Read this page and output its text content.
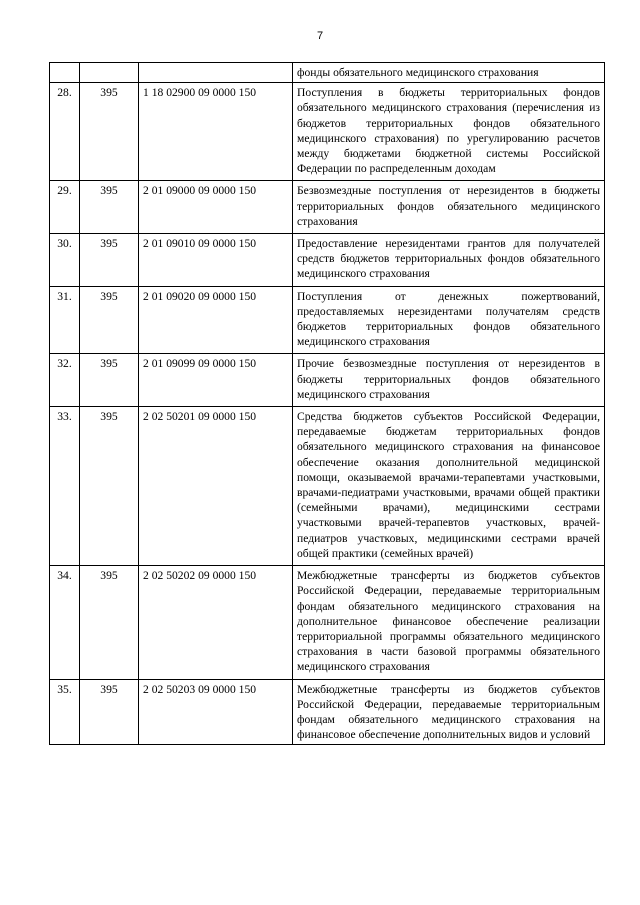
7
			фонды обязательного медицинского страхования
28.	395	1 18 02900 09 0000 150	Поступления в бюджеты территориальных фондов обязательного медицинского страхования (перечисления из бюджетов территориальных фондов обязательного медицинского страхования) по урегулированию расчетов между бюджетами бюджетной системы Российской Федерации по распределенным доходам
29.	395	2 01 09000 09 0000 150	Безвозмездные поступления от нерезидентов в бюджеты территориальных фондов обязательного медицинского страхования
30.	395	2 01 09010 09 0000 150	Предоставление нерезидентами грантов для получателей средств бюджетов территориальных фондов обязательного медицинского страхования
31.	395	2 01 09020 09 0000 150	Поступления от денежных пожертвований, предоставляемых нерезидентами получателям средств бюджетов территориальных фондов обязательного медицинского страхования
32.	395	2 01 09099 09 0000 150	Прочие безвозмездные поступления от нерезидентов в бюджеты территориальных фондов обязательного медицинского страхования
33.	395	2 02 50201 09 0000 150	Средства бюджетов субъектов Российской Федерации, передаваемые бюджетам территориальных фондов обязательного медицинского страхования на финансовое обеспечение оказания дополнительной медицинской помощи, оказываемой врачами-терапевтами участковыми, врачами-педиатрами участковыми, врачами общей практики (семейными врачами), медицинскими сестрами участковыми врачей-терапевтов участковых, врачей-педиатров участковых, медицинскими сестрами врачей общей практики (семейных врачей)
34.	395	2 02 50202 09 0000 150	Межбюджетные трансферты из бюджетов субъектов Российской Федерации, передаваемые территориальным фондам обязательного медицинского страхования на дополнительное финансовое обеспечение реализации территориальной программы обязательного медицинского страхования в части базовой программы обязательного медицинского страхования
35.	395	2 02 50203 09 0000 150	Межбюджетные трансферты из бюджетов субъектов Российской Федерации, передаваемые территориальным фондам обязательного медицинского страхования на финансовое обеспечение дополнительных видов и условий
